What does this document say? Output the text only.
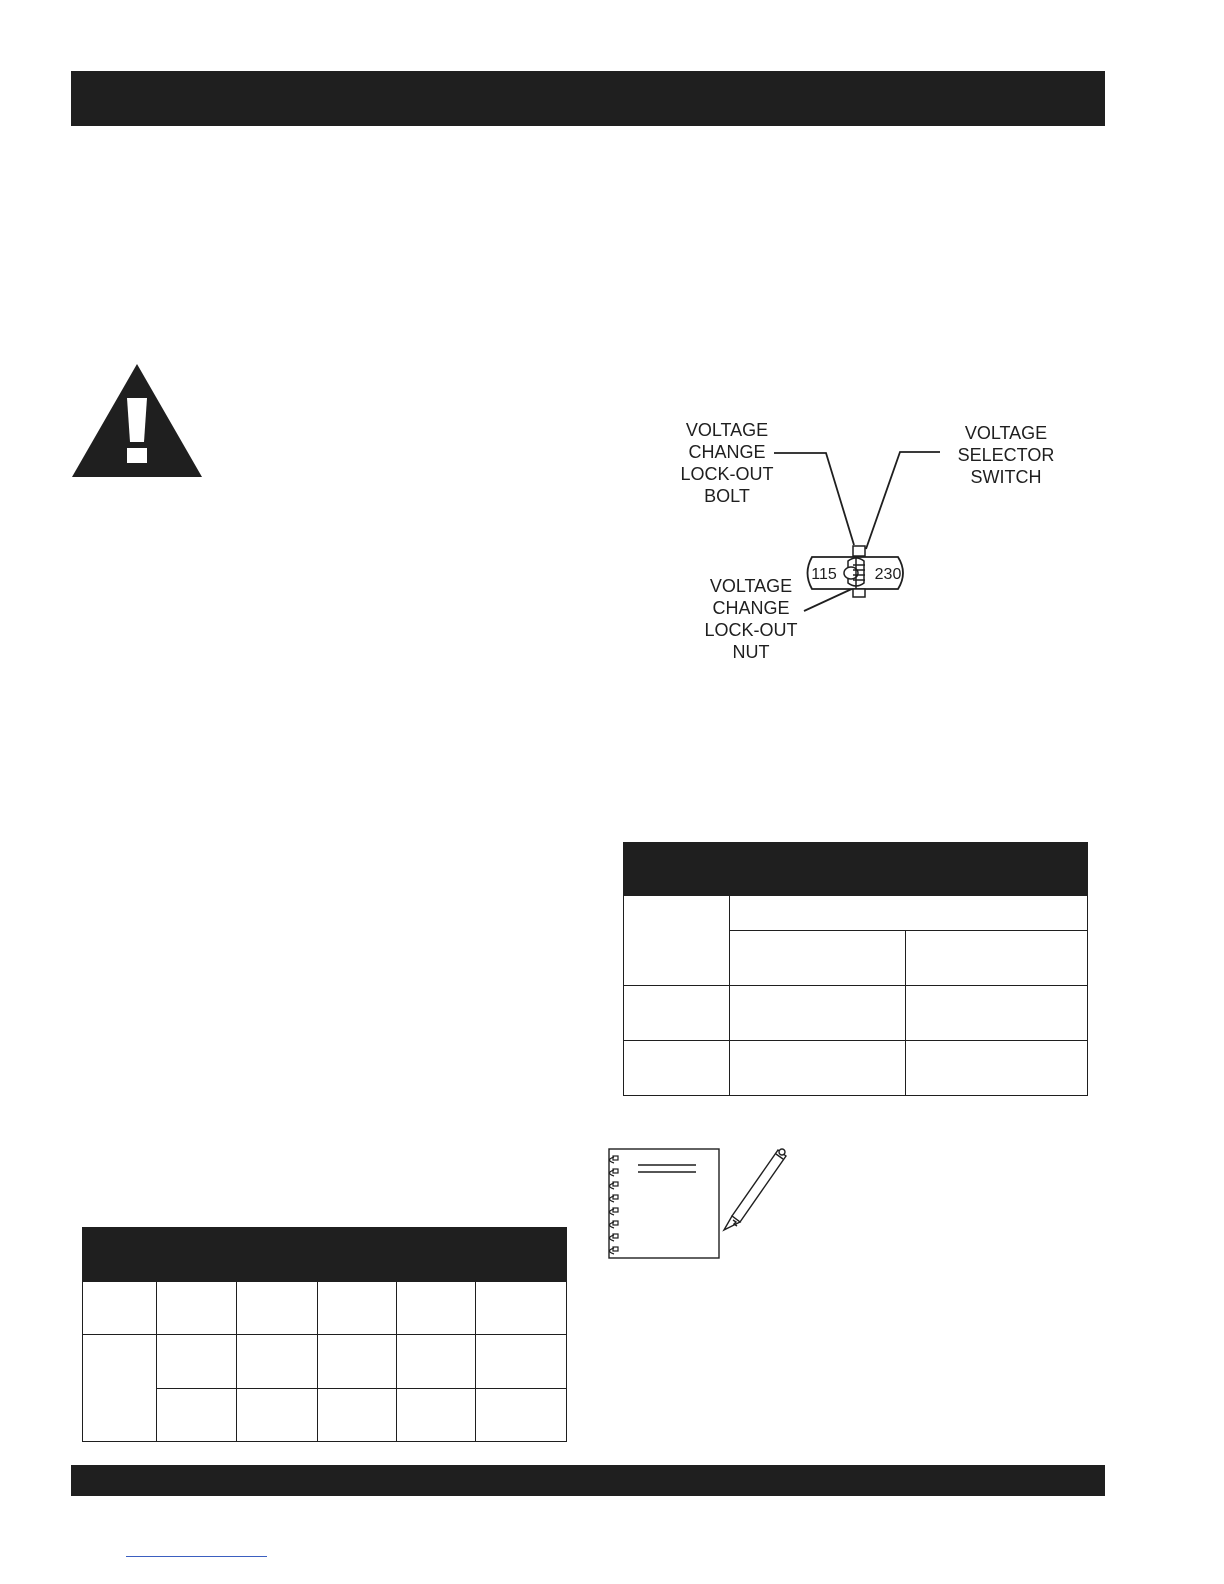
VOLTAGE
CHANGE
LOCK-OUT
BOLT
VOLTAGE
SELECTOR
SWITCH
VOLTAGE
CHANGE
LOCK-OUT
NUT
115 230
